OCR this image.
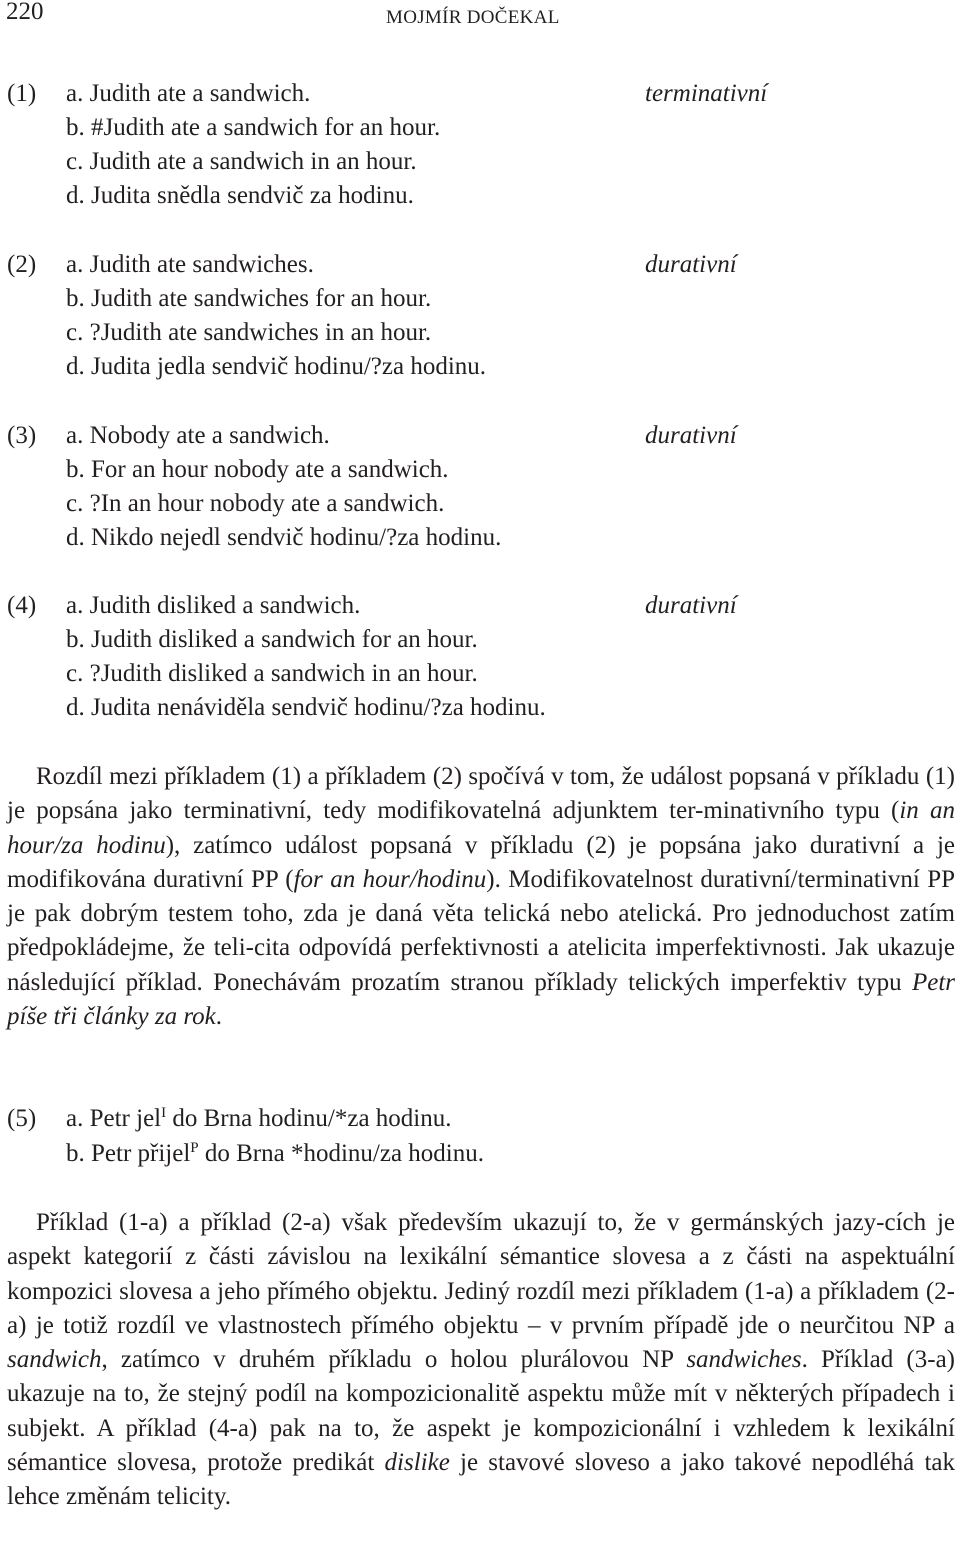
220	MOJMÍR DOČEKAL
(1)	terminativní
a. Judith ate a sandwich.
b. #Judith ate a sandwich for an hour.
c. Judith ate a sandwich in an hour.
d. Judita snědla sendvič za hodinu.
(2)	durativní
a. Judith ate sandwiches.
b. Judith ate sandwiches for an hour.
c. ?Judith ate sandwiches in an hour.
d. Judita jedla sendvič hodinu/?za hodinu.
(3)	durativní
a. Nobody ate a sandwich.
b. For an hour nobody ate a sandwich.
c. ?In an hour nobody ate a sandwich.
d. Nikdo nejedl sendvič hodinu/?za hodinu.
(4)	durativní
a. Judith disliked a sandwich.
b. Judith disliked a sandwich for an hour.
c. ?Judith disliked a sandwich in an hour.
d. Judita nenáviděla sendvič hodinu/?za hodinu.

Rozdíl mezi příkladem (1) a příkladem (2) spočívá v tom, že událost popsaná v příkladu (1) je popsána jako terminativní, tedy modifikovatelná adjunktem ter-minativního typu (in an hour/za hodinu), zatímco událost popsaná v příkladu (2) je popsána jako durativní a je modifikována durativní PP (for an hour/hodinu). Modifikovatelnost durativní/terminativní PP je pak dobrým testem toho, zda je daná věta telická nebo atelická. Pro jednoduchost zatím předpokládejme, že teli-cita odpovídá perfektivnosti a atelicita imperfektivnosti. Jak ukazuje následující příklad. Ponechávám prozatím stranou příklady telických imperfektiv typu Petr píše tři články za rok.

(5) a. Petr jel$^I$ do Brna hodinu/*za hodinu.
b. Petr přijel$^P$ do Brna *hodinu/za hodinu.

Příklad (1-a) a příklad (2-a) však především ukazují to, že v germánských jazy-cích je aspekt kategorií z části závislou na lexikální sémantice slovesa a z části na aspektuální kompozici slovesa a jeho přímého objektu. Jediný rozdíl mezi příkladem (1-a) a příkladem (2-a) je totiž rozdíl ve vlastnostech přímého objektu – v prvním případě jde o neurčitou NP a sandwich, zatímco v druhém příkladu o holou plurálovou NP sandwiches. Příklad (3-a) ukazuje na to, že stejný podíl na kompozicionalitě aspektu může mít v některých případech i subjekt. A příklad (4-a) pak na to, že aspekt je kompozicionální i vzhledem k lexikální sémantice slovesa, protože predikát dislike je stavové sloveso a jako takové nepodléhá tak lehce změnám telicity.
